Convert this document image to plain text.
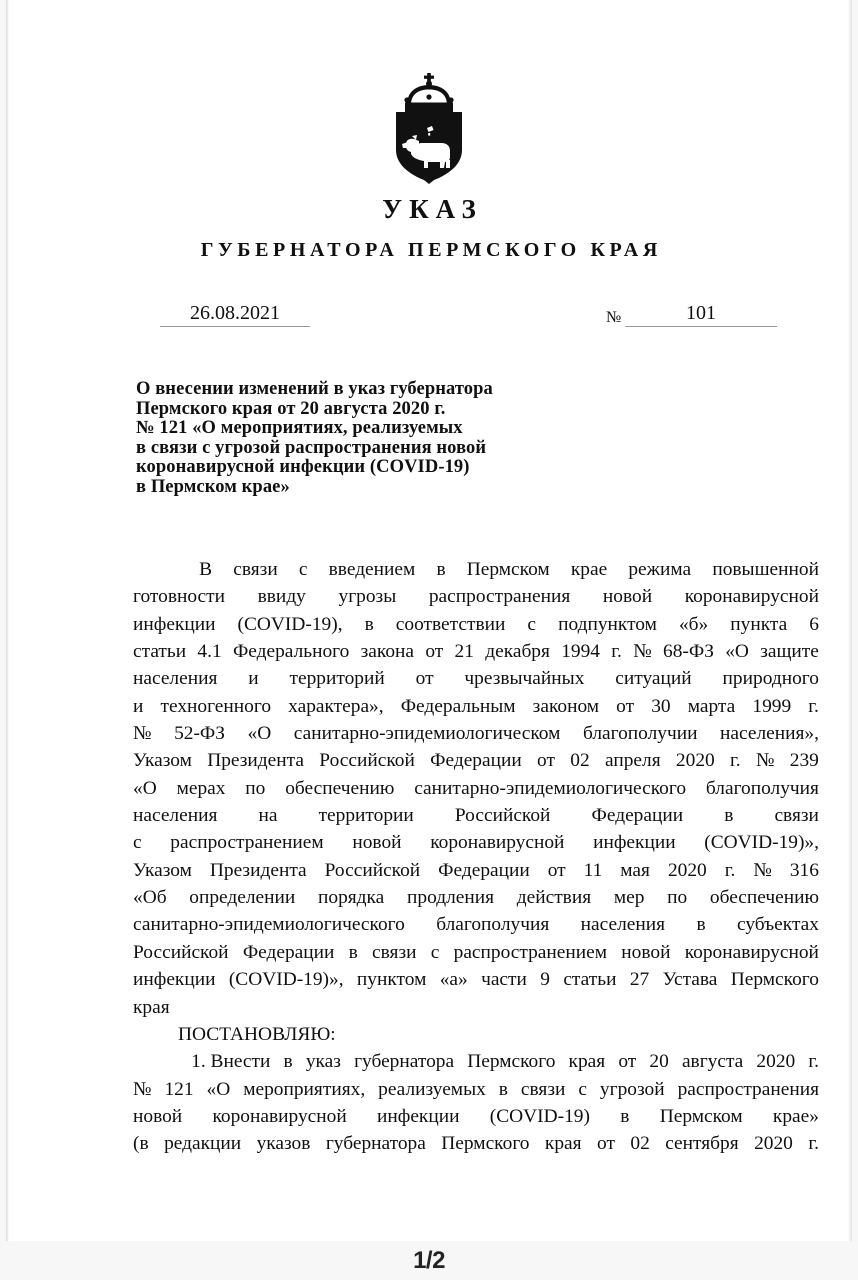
УКАЗ
ГУБЕРНАТОРА ПЕРМСКОГО КРАЯ
26.08.2021	№	101
О внесении изменений в указ губернатора
Пермского края от 20 августа 2020 г.
№ 121 «О мероприятиях, реализуемых
в связи с угрозой распространения новой
коронавирусной инфекции (COVID-19)
в Пермском крае»
В связи с введением в Пермском крае режима повышенной
готовности ввиду угрозы распространения новой коронавирусной
инфекции (COVID-19), в соответствии с подпунктом «б» пункта 6
статьи 4.1 Федерального закона от 21 декабря 1994 г. № 68-ФЗ «О защите
населения и территорий от чрезвычайных ситуаций природного
и техногенного характера», Федеральным законом от 30 марта 1999 г.
№ 52-ФЗ «О санитарно-эпидемиологическом благополучии населения»,
Указом Президента Российской Федерации от 02 апреля 2020 г. № 239
«О мерах по обеспечению санитарно-эпидемиологического благополучия
населения на территории Российской Федерации в связи
с распространением новой коронавирусной инфекции (COVID-19)»,
Указом Президента Российской Федерации от 11 мая 2020 г. № 316
«Об определении порядка продления действия мер по обеспечению
санитарно-эпидемиологического благополучия населения в субъектах
Российской Федерации в связи с распространением новой коронавирусной
инфекции (COVID-19)», пунктом «а» части 9 статьи 27 Устава Пермского
края
ПОСТАНОВЛЯЮ:
1. Внести в указ губернатора Пермского края от 20 августа 2020 г.
№ 121 «О мероприятиях, реализуемых в связи с угрозой распространения
новой коронавирусной инфекции (COVID-19) в Пермском крае»
(в редакции указов губернатора Пермского края от 02 сентября 2020 г.
1/2
